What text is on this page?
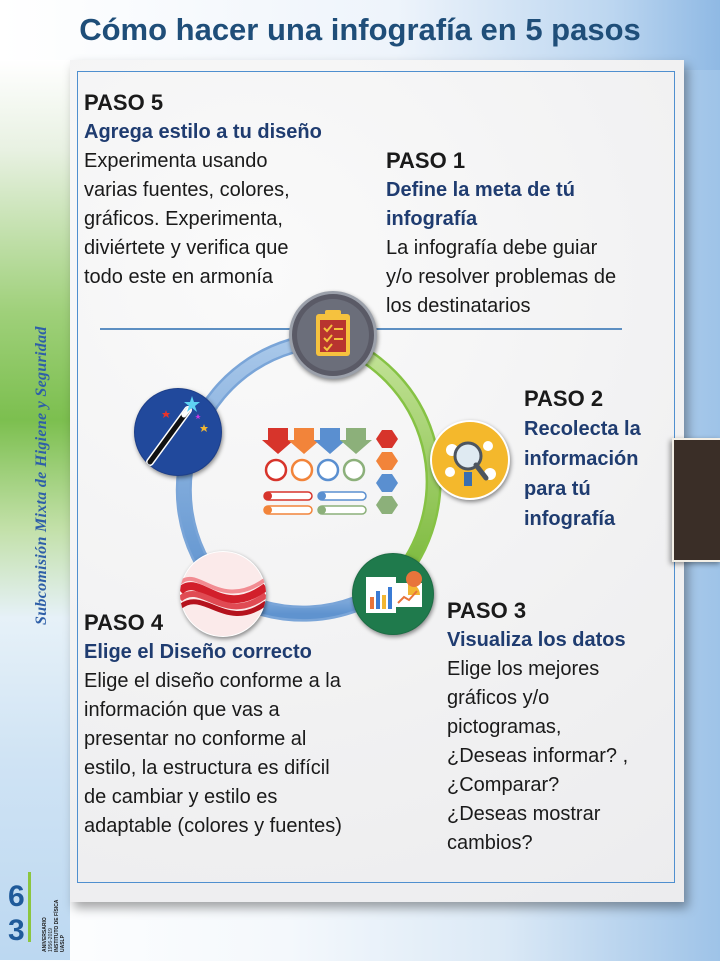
Subcomisión Mixta de Higiene y Seguridad
Cómo hacer una infografía en 5 pasos
PASO 5
Agrega estilo a tu diseño
Experimenta usando
varias fuentes, colores,
gráficos. Experimenta,
diviértete y verifica que
todo este en armonía
PASO 1
Define la meta de tú
infografía
La infografía debe guiar
y/o resolver problemas de
los destinatarios
PASO 2
Recolecta la
información
para tú
infografía
PASO 3
Visualiza los datos
Elige los mejores
gráficos y/o
pictogramas,
¿Deseas informar? ,
¿Comparar?
¿Deseas mostrar
cambios?
PASO 4
Elige el Diseño correcto
Elige el diseño conforme a la
información que vas a
presentar no conforme al
estilo, la estructura es difícil
de cambiar y estilo es
adaptable (colores y fuentes)
6
3	ANIVERSARIO 1956-2019 INSTITUTO DE FÍSICA UASLP
